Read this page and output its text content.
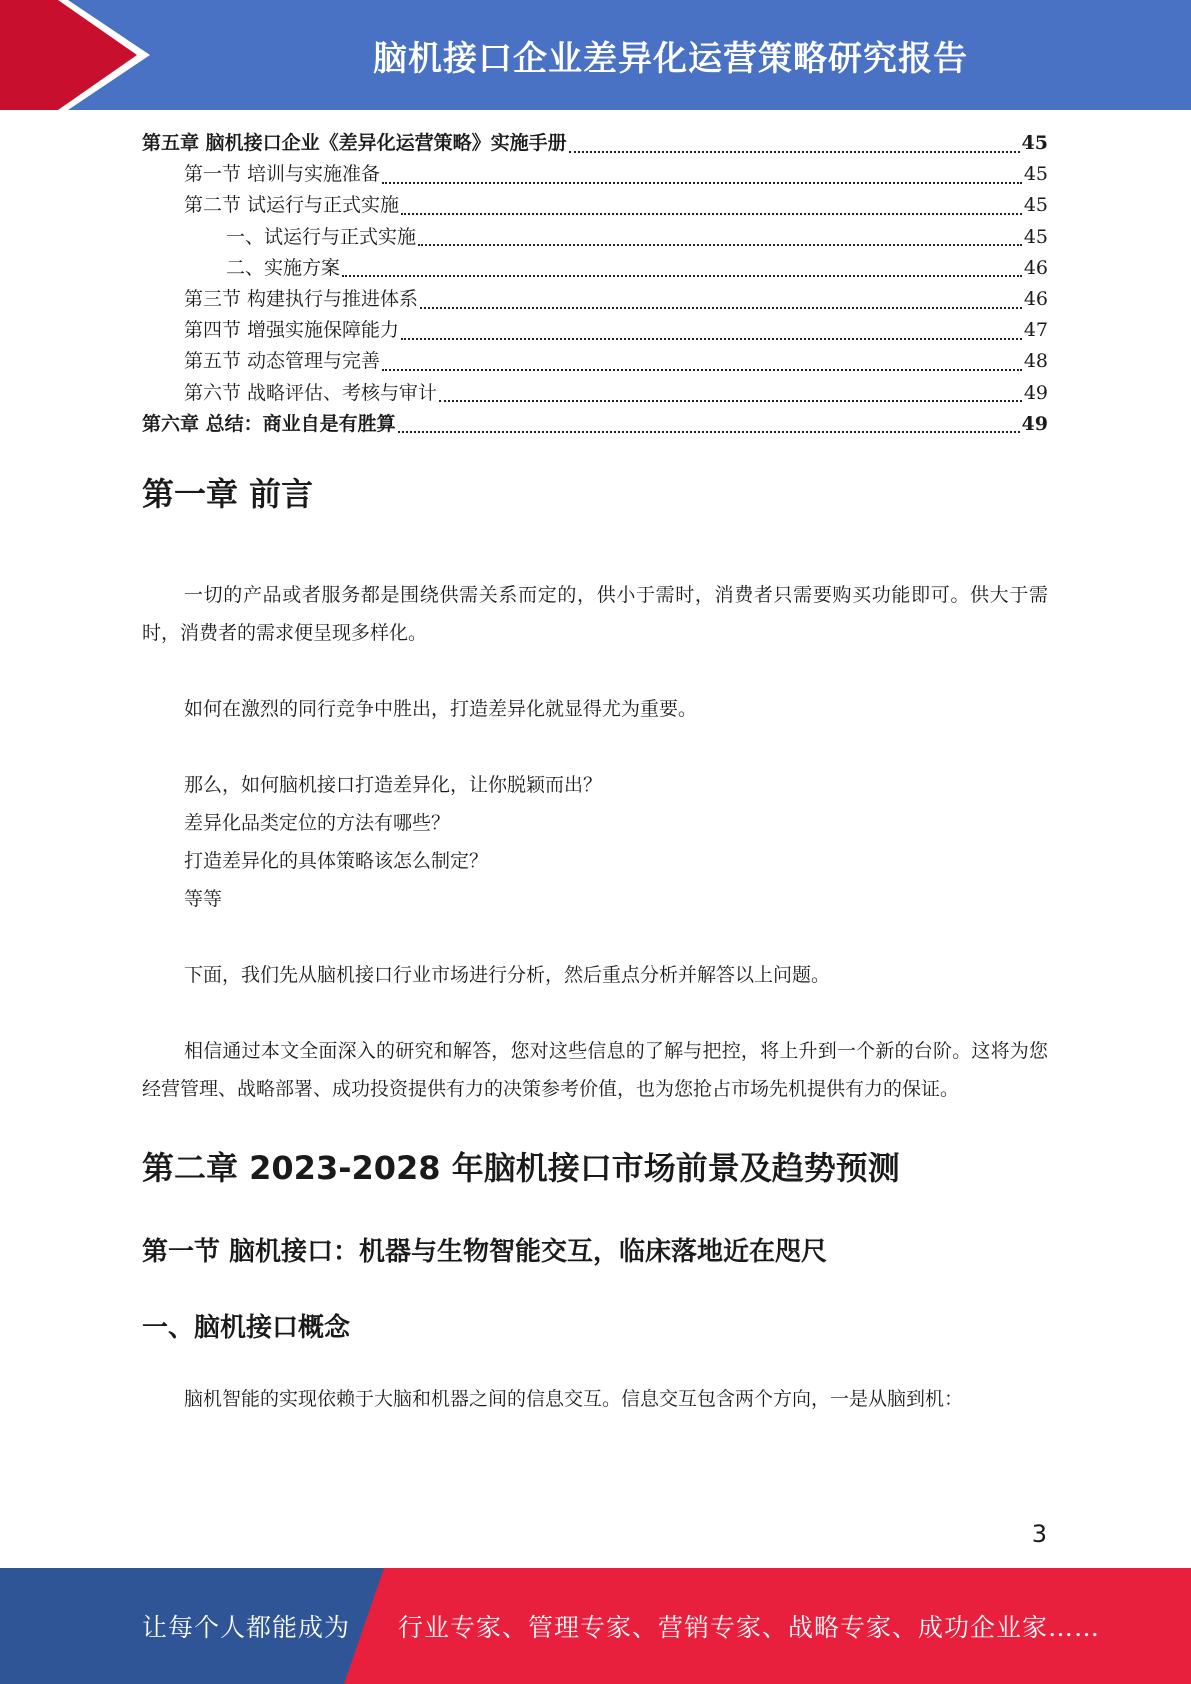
脑机接口企业差异化运营策略研究报告
第五章 脑机接口企业《差异化运营策略》实施手册	45
第一节 培训与实施准备	45
第二节 试运行与正式实施	45
一、试运行与正式实施	45
二、实施方案	46
第三节 构建执行与推进体系	46
第四节 增强实施保障能力	47
第五节 动态管理与完善	48
第六节 战略评估、考核与审计	49
第六章 总结：商业自是有胜算	49
第一章 前言

一切的产品或者服务都是围绕供需关系而定的，供小于需时，消费者只需要购买功能即可。供大于需时，消费者的需求便呈现多样化。

如何在激烈的同行竞争中胜出，打造差异化就显得尤为重要。

那么，如何脑机接口打造差异化，让你脱颖而出？

差异化品类定位的方法有哪些？

打造差异化的具体策略该怎么制定？

等等

下面，我们先从脑机接口行业市场进行分析，然后重点分析并解答以上问题。

相信通过本文全面深入的研究和解答，您对这些信息的了解与把控，将上升到一个新的台阶。这将为您经营管理、战略部署、成功投资提供有力的决策参考价值，也为您抢占市场先机提供有力的保证。

第二章 2023-2028 年脑机接口市场前景及趋势预测
第一节 脑机接口：机器与生物智能交互，临床落地近在咫尺
一、脑机接口概念

脑机智能的实现依赖于大脑和机器之间的信息交互。信息交互包含两个方向，一是从脑到机：

3
让每个人都能成为 行业专家、管理专家、营销专家、战略专家、成功企业家……
